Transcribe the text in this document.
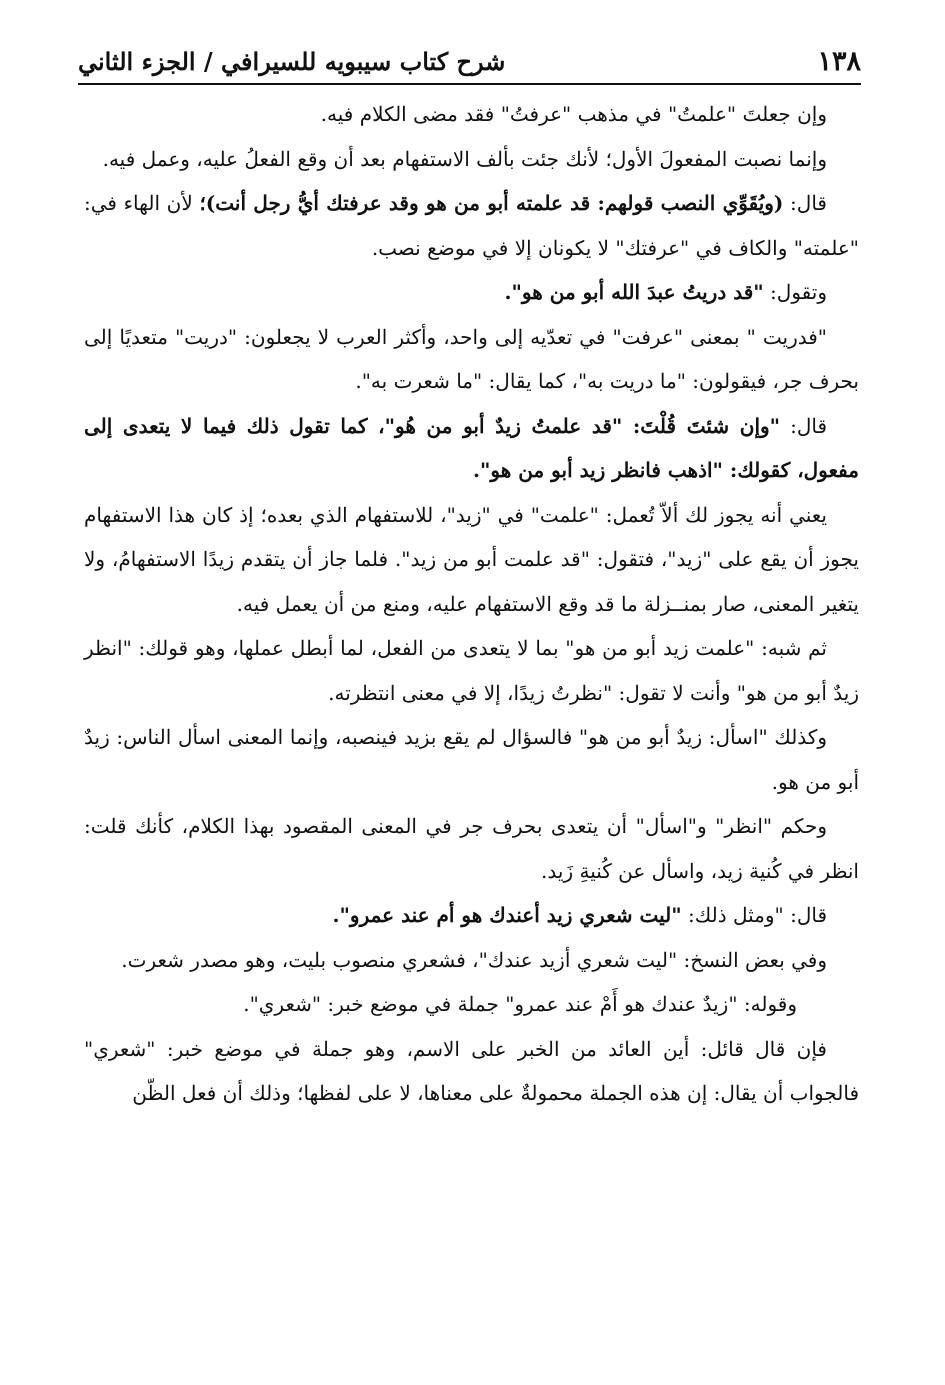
١٣٨
شرح كتاب سيبويه للسيرافي / الجزء الثاني

وإن جعلتَ "علمتُ" في مذهب "عرفتُ" فقد مضى الكلام فيه.

وإنما نصبت المفعولَ الأول؛ لأنك جئت بألف الاستفهام بعد أن وقع الفعلُ عليه، وعمل فيه.

قال: (ويُقَوِّي النصب قولهم: قد علمته أبو من هو وقد عرفتك أيُّ رجل أنت)؛ لأن الهاء في: "علمته" والكاف في "عرفتك" لا يكونان إلا في موضع نصب.

وتقول: "قد دريتُ عبدَ الله أبو من هو".

"فدريت " بمعنى "عرفت" في تعدّيه إلى واحد، وأكثر العرب لا يجعلون: "دريت" متعديًا إلى بحرف جر، فيقولون: "ما دريت به"، كما يقال: "ما شعرت به".

قال: "وإن شئتَ قُلْتَ: "قد علمتُ زيدٌ أبو من هُو"، كما تقول ذلك فيما لا يتعدى إلى مفعول، كقولك: "اذهب فانظر زيد أبو من هو".

يعني أنه يجوز لك ألاّ تُعمل: "علمت" في "زيد"، للاستفهام الذي بعده؛ إذ كان هذا الاستفهام يجوز أن يقع على "زيد"، فتقول: "قد علمت أبو من زيد". فلما جاز أن يتقدم زيدًا الاستفهامُ، ولا يتغير المعنى، صار بمنــزلة ما قد وقع الاستفهام عليه، ومنع من أن يعمل فيه.

ثم شبه: "علمت زيد أبو من هو" بما لا يتعدى من الفعل، لما أبطل عملها، وهو قولك: "انظر زيدٌ أبو من هو" وأنت لا تقول: "نظرتُ زيدًا، إلا في معنى انتظرته.

وكذلك "اسأل: زيدٌ أبو من هو" فالسؤال لم يقع بزيد فينصبه، وإنما المعنى اسأل الناس: زيدٌ أبو من هو.

وحكم "انظر" و"اسأل" أن يتعدى بحرف جر في المعنى المقصود بهذا الكلام، كأنك قلت: انظر في كُنية زيد، واسأل عن كُنيةِ زَيد.

قال: "ومثل ذلك: "ليت شعري زيد أعندك هو أم عند عمرو".

وفي بعض النسخ: "ليت شعري أزيد عندك"، فشعري منصوب بليت، وهو مصدر شعرت.

وقوله: "زيدٌ عندك هو أَمْ عند عمرو" جملة في موضع خبر: "شعري".

فإن قال قائل: أين العائد من الخبر على الاسم، وهو جملة في موضع خبر: "شعري" فالجواب أن يقال: إن هذه الجملة محمولةٌ على معناها، لا على لفظها؛ وذلك أن فعل الظّن
